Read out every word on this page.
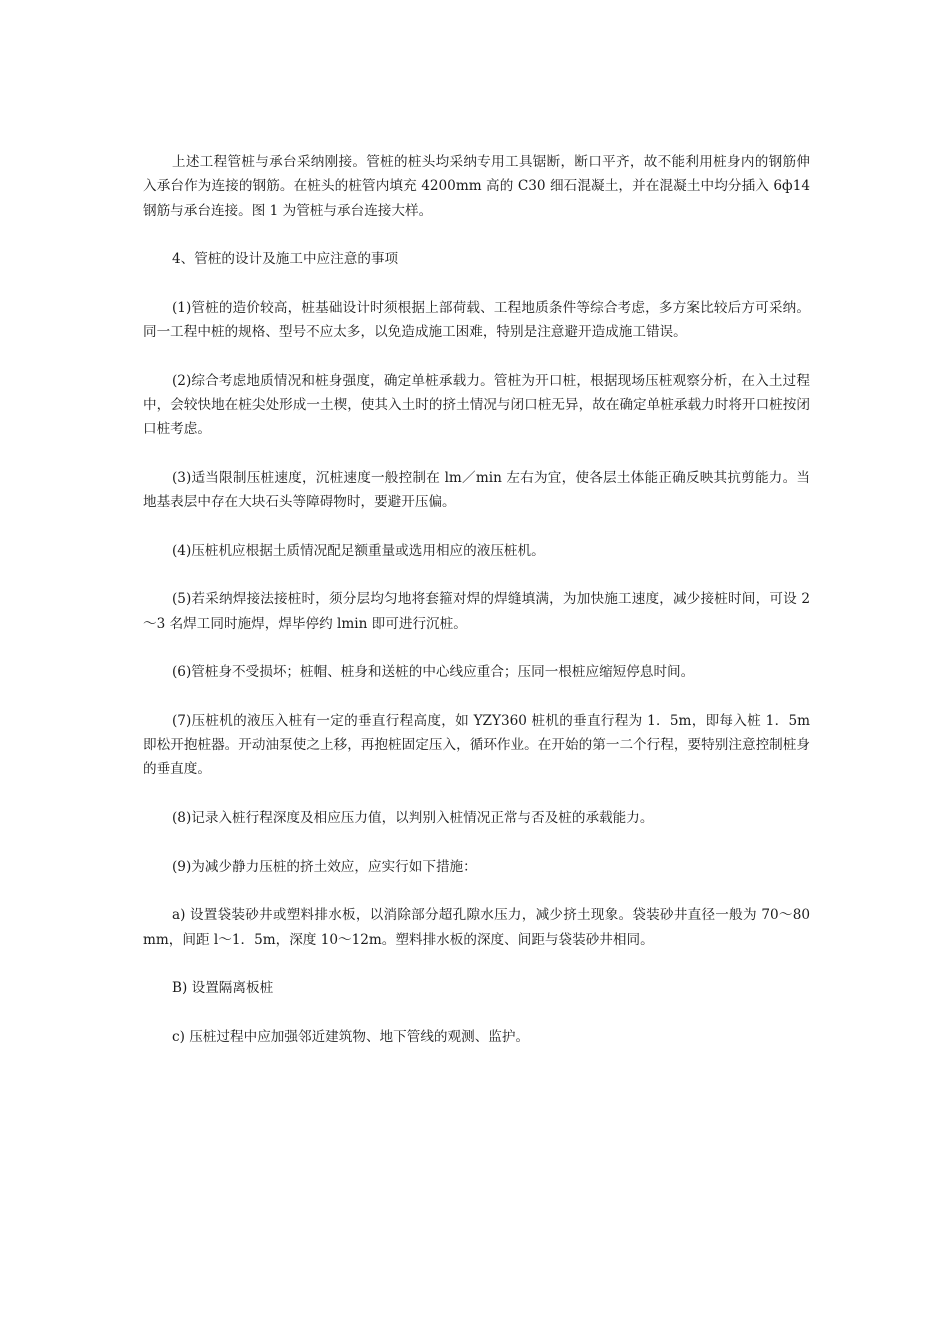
上述工程管桩与承台采纳刚接。管桩的桩头均采纳专用工具锯断，断口平齐，故不能利用桩身内的钢筋伸入承台作为连接的钢筋。在桩头的桩管内填充 4200mm 高的 C30 细石混凝土，并在混凝土中均分插入 6ф14 钢筋与承台连接。图 1 为管桩与承台连接大样。

4、管桩的设计及施工中应注意的事项

(1)管桩的造价较高，桩基础设计时须根据上部荷载、工程地质条件等综合考虑，多方案比较后方可采纳。同一工程中桩的规格、型号不应太多，以免造成施工困难，特别是注意避开造成施工错误。

(2)综合考虑地质情况和桩身强度，确定单桩承载力。管桩为开口桩，根据现场压桩观察分析，在入土过程中，会较快地在桩尖处形成一土楔，使其入土时的挤土情况与闭口桩无异，故在确定单桩承载力时将开口桩按闭口桩考虑。

(3)适当限制压桩速度，沉桩速度一般控制在 lm／min 左右为宜，使各层土体能正确反映其抗剪能力。当地基表层中存在大块石头等障碍物时，要避开压偏。

(4)压桩机应根据土质情况配足额重量或选用相应的液压桩机。

(5)若采纳焊接法接桩时，须分层均匀地将套箍对焊的焊缝填满，为加快施工速度，减少接桩时间，可设 2～3 名焊工同时施焊，焊毕停约 lmin 即可进行沉桩。

(6)管桩身不受损坏；桩帽、桩身和送桩的中心线应重合；压同一根桩应缩短停息时间。

(7)压桩机的液压入桩有一定的垂直行程高度，如 YZY360 桩机的垂直行程为 1．5m，即每入桩 1．5m 即松开抱桩器。开动油泵使之上移，再抱桩固定压入，循环作业。在开始的第一二个行程，要特别注意控制桩身的垂直度。

(8)记录入桩行程深度及相应压力值，以判别入桩情况正常与否及桩的承载能力。

(9)为减少静力压桩的挤土效应，应实行如下措施：

a) 设置袋装砂井或塑料排水板，以消除部分超孔隙水压力，减少挤土现象。袋装砂井直径一般为 70～80mm，间距 l～1．5m，深度 10～12m。塑料排水板的深度、间距与袋装砂井相同。

B) 设置隔离板桩

c) 压桩过程中应加强邻近建筑物、地下管线的观测、监护。
